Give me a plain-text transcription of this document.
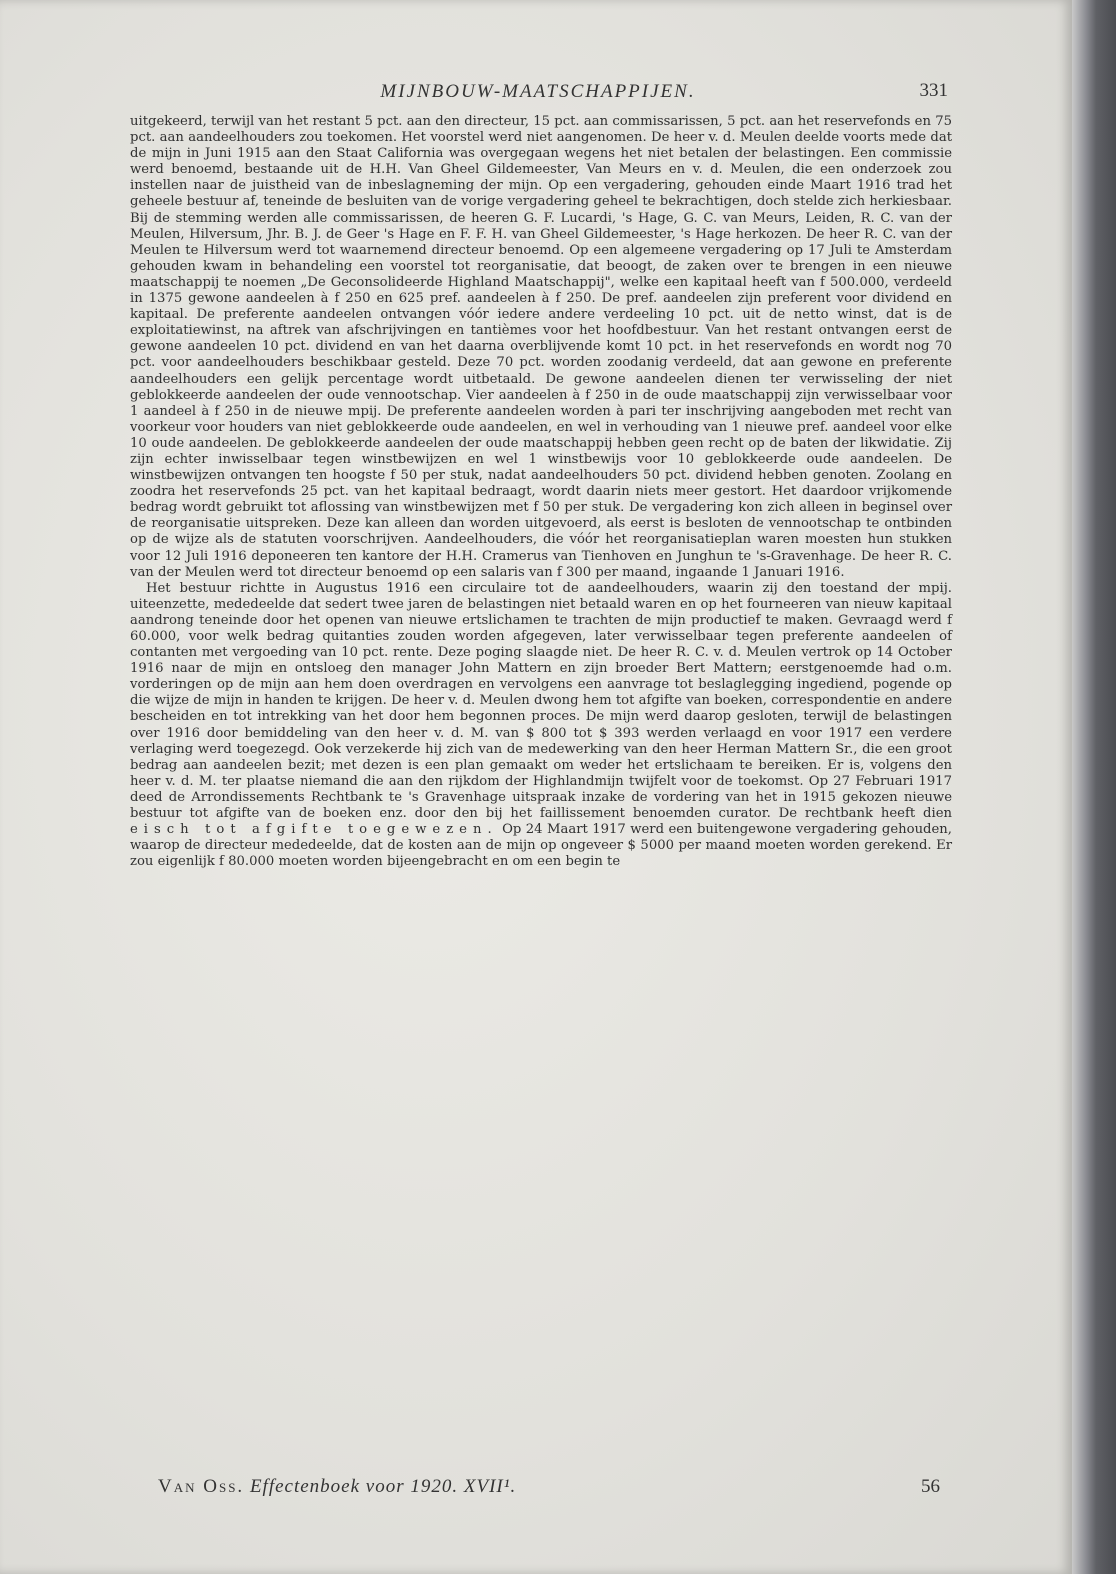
MIJNBOUW-MAATSCHAPPIJEN.	331

uitgekeerd, terwijl van het restant 5 pct. aan den directeur, 15 pct. aan commissarissen, 5 pct. aan het reservefonds en 75 pct. aan aandeelhouders zou toekomen. Het voorstel werd niet aangenomen. De heer v. d. Meulen deelde voorts mede dat de mijn in Juni 1915 aan den Staat California was overgegaan wegens het niet betalen der belastingen. Een commissie werd benoemd, bestaande uit de H.H. Van Gheel Gildemeester, Van Meurs en v. d. Meulen, die een onderzoek zou instellen naar de juistheid van de inbeslagneming der mijn. Op een vergadering, gehouden einde Maart 1916 trad het geheele bestuur af, teneinde de besluiten van de vorige vergadering geheel te bekrachtigen, doch stelde zich herkiesbaar. Bij de stemming werden alle commissarissen, de heeren G. F. Lucardi, 's Hage, G. C. van Meurs, Leiden, R. C. van der Meulen, Hilversum, Jhr. B. J. de Geer 's Hage en F. F. H. van Gheel Gildemeester, 's Hage herkozen. De heer R. C. van der Meulen te Hilversum werd tot waarnemend directeur benoemd. Op een algemeene vergadering op 17 Juli te Amsterdam gehouden kwam in behandeling een voorstel tot reorganisatie, dat beoogt, de zaken over te brengen in een nieuwe maatschappij te noemen „De Geconsolideerde Highland Maatschappij", welke een kapitaal heeft van f 500.000, verdeeld in 1375 gewone aandeelen à f 250 en 625 pref. aandeelen à f 250. De pref. aandeelen zijn preferent voor dividend en kapitaal. De preferente aandeelen ontvangen vóór iedere andere verdeeling 10 pct. uit de netto winst, dat is de exploitatiewinst, na aftrek van afschrijvingen en tantièmes voor het hoofdbestuur. Van het restant ontvangen eerst de gewone aandeelen 10 pct. dividend en van het daarna overblijvende komt 10 pct. in het reservefonds en wordt nog 70 pct. voor aandeelhouders beschikbaar gesteld. Deze 70 pct. worden zoodanig verdeeld, dat aan gewone en preferente aandeelhouders een gelijk percentage wordt uitbetaald. De gewone aandeelen dienen ter verwisseling der niet geblokkeerde aandeelen der oude vennootschap. Vier aandeelen à f 250 in de oude maatschappij zijn verwisselbaar voor 1 aandeel à f 250 in de nieuwe mpij. De preferente aandeelen worden à pari ter inschrijving aangeboden met recht van voorkeur voor houders van niet geblokkeerde oude aandeelen, en wel in verhouding van 1 nieuwe pref. aandeel voor elke 10 oude aandeelen. De geblokkeerde aandeelen der oude maatschappij hebben geen recht op de baten der likwidatie. Zij zijn echter inwisselbaar tegen winstbewijzen en wel 1 winstbewijs voor 10 geblokkeerde oude aandeelen. De winstbewijzen ontvangen ten hoogste f 50 per stuk, nadat aandeelhouders 50 pct. dividend hebben genoten. Zoolang en zoodra het reservefonds 25 pct. van het kapitaal bedraagt, wordt daarin niets meer gestort. Het daardoor vrijkomende bedrag wordt gebruikt tot aflossing van winstbewijzen met f 50 per stuk. De vergadering kon zich alleen in beginsel over de reorganisatie uitspreken. Deze kan alleen dan worden uitgevoerd, als eerst is besloten de vennootschap te ontbinden op de wijze als de statuten voorschrijven. Aandeelhouders, die vóór het reorganisatieplan waren moesten hun stukken voor 12 Juli 1916 deponeeren ten kantore der H.H. Cramerus van Tienhoven en Junghun te 's-Gravenhage. De heer R. C. van der Meulen werd tot directeur benoemd op een salaris van f 300 per maand, ingaande 1 Januari 1916.

Het bestuur richtte in Augustus 1916 een circulaire tot de aandeelhouders, waarin zij den toestand der mpij. uiteenzette, mededeelde dat sedert twee jaren de belastingen niet betaald waren en op het fourneeren van nieuw kapitaal aandrong teneinde door het openen van nieuwe ertslichamen te trachten de mijn productief te maken. Gevraagd werd f 60.000, voor welk bedrag quitanties zouden worden afgegeven, later verwisselbaar tegen preferente aandeelen of contanten met vergoeding van 10 pct. rente. Deze poging slaagde niet. De heer R. C. v. d. Meulen vertrok op 14 October 1916 naar de mijn en ontsloeg den manager John Mattern en zijn broeder Bert Mattern; eerstgenoemde had o.m. vorderingen op de mijn aan hem doen overdragen en vervolgens een aanvrage tot beslaglegging ingediend, pogende op die wijze de mijn in handen te krijgen. De heer v. d. Meulen dwong hem tot afgifte van boeken, correspondentie en andere bescheiden en tot intrekking van het door hem begonnen proces. De mijn werd daarop gesloten, terwijl de belastingen over 1916 door bemiddeling van den heer v. d. M. van $ 800 tot $ 393 werden verlaagd en voor 1917 een verdere verlaging werd toegezegd. Ook verzekerde hij zich van de medewerking van den heer Herman Mattern Sr., die een groot bedrag aan aandeelen bezit; met dezen is een plan gemaakt om weder het ertslichaam te bereiken. Er is, volgens den heer v. d. M. ter plaatse niemand die aan den rijkdom der Highlandmijn twijfelt voor de toekomst. Op 27 Februari 1917 deed de Arrondissements Rechtbank te 's Gravenhage uitspraak inzake de vordering van het in 1915 gekozen nieuwe bestuur tot afgifte van de boeken enz. door den bij het faillissement benoemden curator. De rechtbank heeft dien eisch tot afgifte toegewezen. Op 24 Maart 1917 werd een buitengewone vergadering gehouden, waarop de directeur mededeelde, dat de kosten aan de mijn op ongeveer $ 5000 per maand moeten worden gerekend. Er zou eigenlijk f 80.000 moeten worden bijeengebracht en om een begin te

Van Oss. Effectenboek voor 1920. XVII¹.	56
